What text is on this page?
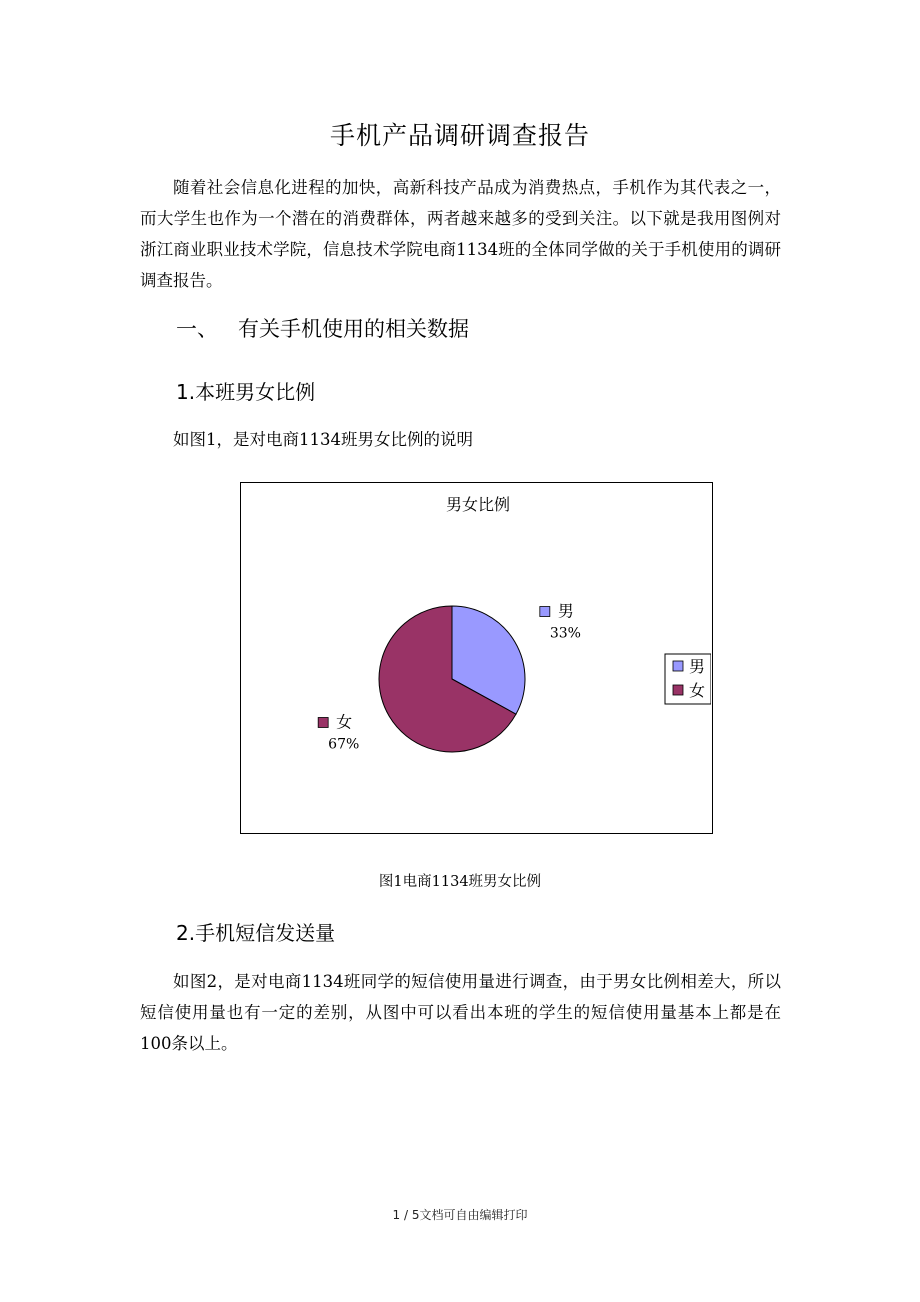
手机产品调研调查报告
随着社会信息化进程的加快，高新科技产品成为消费热点，手机作为其代表之一，而大学生也作为一个潜在的消费群体，两者越来越多的受到关注。以下就是我用图例对浙江商业职业技术学院，信息技术学院电商1134班的全体同学做的关于手机使用的调研调查报告。
一、 有关手机使用的相关数据
1.本班男女比例
如图1，是对电商1134班男女比例的说明
男女比例
男
33%
女
67%
男
女
图1电商1134班男女比例
2.手机短信发送量
如图2，是对电商1134班同学的短信使用量进行调查，由于男女比例相差大，所以短信使用量也有一定的差别，从图中可以看出本班的学生的短信使用量基本上都是在100条以上。
1 / 5文档可自由编辑打印
